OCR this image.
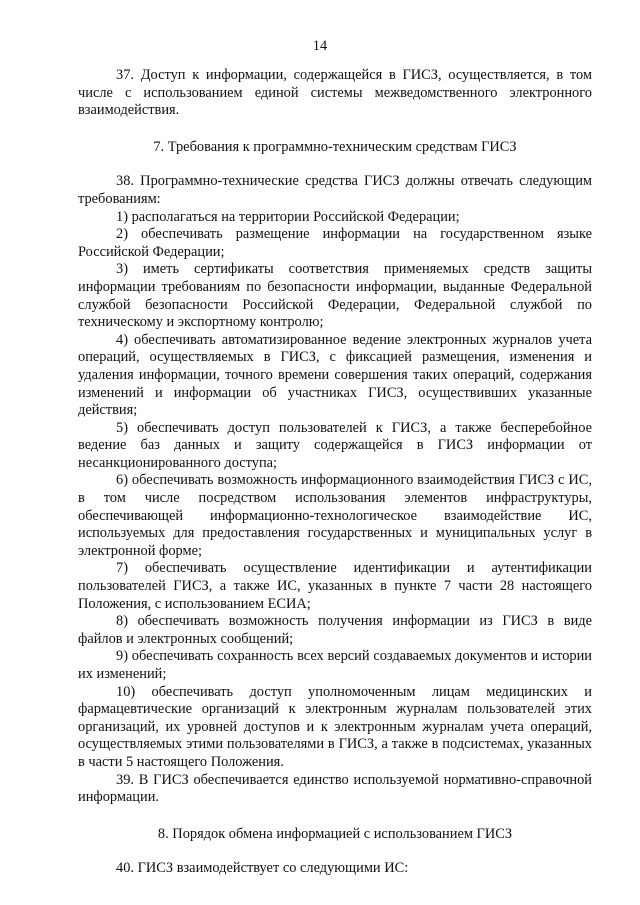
14

37. Доступ к информации, содержащейся в ГИСЗ, осуществляется, в том числе с использованием единой системы межведомственного электронного взаимодействия.

7. Требования к программно-техническим средствам ГИСЗ

38. Программно-технические средства ГИСЗ должны отвечать следующим требованиям:

1) располагаться на территории Российской Федерации;

2) обеспечивать размещение информации на государственном языке Российской Федерации;

3) иметь сертификаты соответствия применяемых средств защиты информации требованиям по безопасности информации, выданные Федеральной службой безопасности Российской Федерации, Федеральной службой по техническому и экспортному контролю;

4) обеспечивать автоматизированное ведение электронных журналов учета операций, осуществляемых в ГИСЗ, с фиксацией размещения, изменения и удаления информации, точного времени совершения таких операций, содержания изменений и информации об участниках ГИСЗ, осуществивших указанные действия;

5) обеспечивать доступ пользователей к ГИСЗ, а также бесперебойное ведение баз данных и защиту содержащейся в ГИСЗ информации от несанкционированного доступа;

6) обеспечивать возможность информационного взаимодействия ГИСЗ с ИС, в том числе посредством использования элементов инфраструктуры, обеспечивающей информационно-технологическое взаимодействие ИС, используемых для предоставления государственных и муниципальных услуг в электронной форме;

7) обеспечивать осуществление идентификации и аутентификации пользователей ГИСЗ, а также ИС, указанных в пункте 7 части 28 настоящего Положения, с использованием ЕСИА;

8) обеспечивать возможность получения информации из ГИСЗ в виде файлов и электронных сообщений;

9) обеспечивать сохранность всех версий создаваемых документов и истории их изменений;

10) обеспечивать доступ уполномоченным лицам медицинских и фармацевтические организаций к электронным журналам пользователей этих организаций, их уровней доступов и к электронным журналам учета операций, осуществляемых этими пользователями в ГИСЗ, а также в подсистемах, указанных в части 5 настоящего Положения.

39. В ГИСЗ обеспечивается единство используемой нормативно-справочной информации.

8. Порядок обмена информацией с использованием ГИСЗ

40. ГИСЗ взаимодействует со следующими ИС:
